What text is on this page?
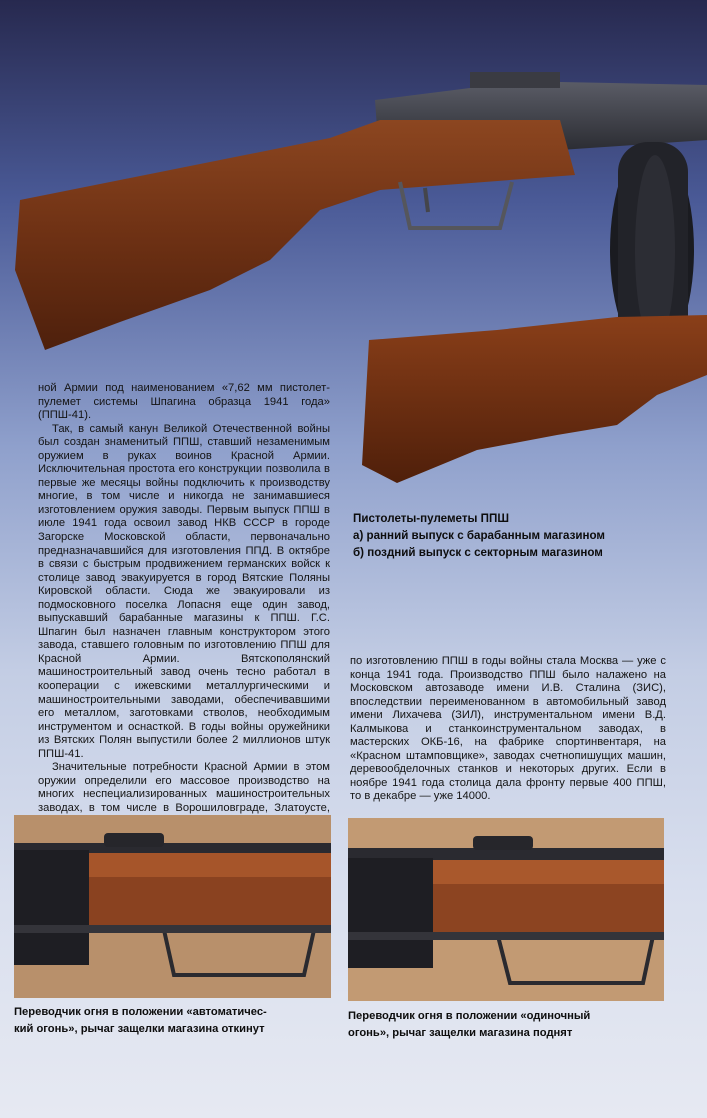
Пистолеты-пулеметы ППШ
а) ранний выпуск с барабанным магазином
б) поздний выпуск с секторным магазином

ной Армии под наименованием «7,62 мм пистолет-пулемет системы Шпагина образца 1941 года» (ППШ-41).

Так, в самый канун Великой Отечественной войны был создан знаменитый ППШ, ставший незаменимым оружием в руках воинов Красной Армии. Исключительная простота его конструкции позволила в первые же месяцы войны подключить к производству многие, в том числе и никогда не занимавшиеся изготовлением оружия заводы. Первым выпуск ППШ в июле 1941 года освоил завод НКВ СССР в городе Загорске Московской области, первоначально предназначавшийся для изготовления ППД. В октябре в связи с быстрым продвижением германских войск к столице завод эвакуируется в город Вятские Поляны Кировской области. Сюда же эвакуировали из подмосковного поселка Лопасня еще один завод, выпускавший барабанные магазины к ППШ. Г.С. Шпагин был назначен главным конструктором этого завода, ставшего головным по изготовлению ППШ для Красной Армии. Вятскополянский машиностроительный завод очень тесно работал в кооперации с ижевскими металлургическими и машиностроительными заводами, обеспечивавшими его металлом, заготовками стволов, необходимым инструментом и оснасткой. В годы войны оружейники из Вятских Полян выпустили более 2 миллионов штук ППШ-41.

Значительные потребности Красной Армии в этом оружии определили его массовое производство на многих неспециализированных машиностроительных заводах, в том числе в Ворошиловграде, Златоусте,

по изготовлению ППШ в годы войны стала Москва — уже с конца 1941 года. Производство ППШ было налажено на Московском автозаводе имени И.В. Сталина (ЗИС), впоследствии переименованном в автомобильный завод имени Лихачева (ЗИЛ), инструментальном имени В.Д. Калмыкова и станкоинструментальном заводах, в мастерских ОКБ-16, на фабрике спортинвентаря, на «Красном штамповщике», заводах счетнопишущих машин, деревообделочных станков и некоторых других. Если в ноябре 1941 года столица дала фронту первые 400 ППШ, то в декабре — уже 14000.

Переводчик огня в положении «автоматичес-
кий огонь», рычаг защелки магазина откинут
Переводчик огня в положении «одиночный
огонь», рычаг защелки магазина поднят
